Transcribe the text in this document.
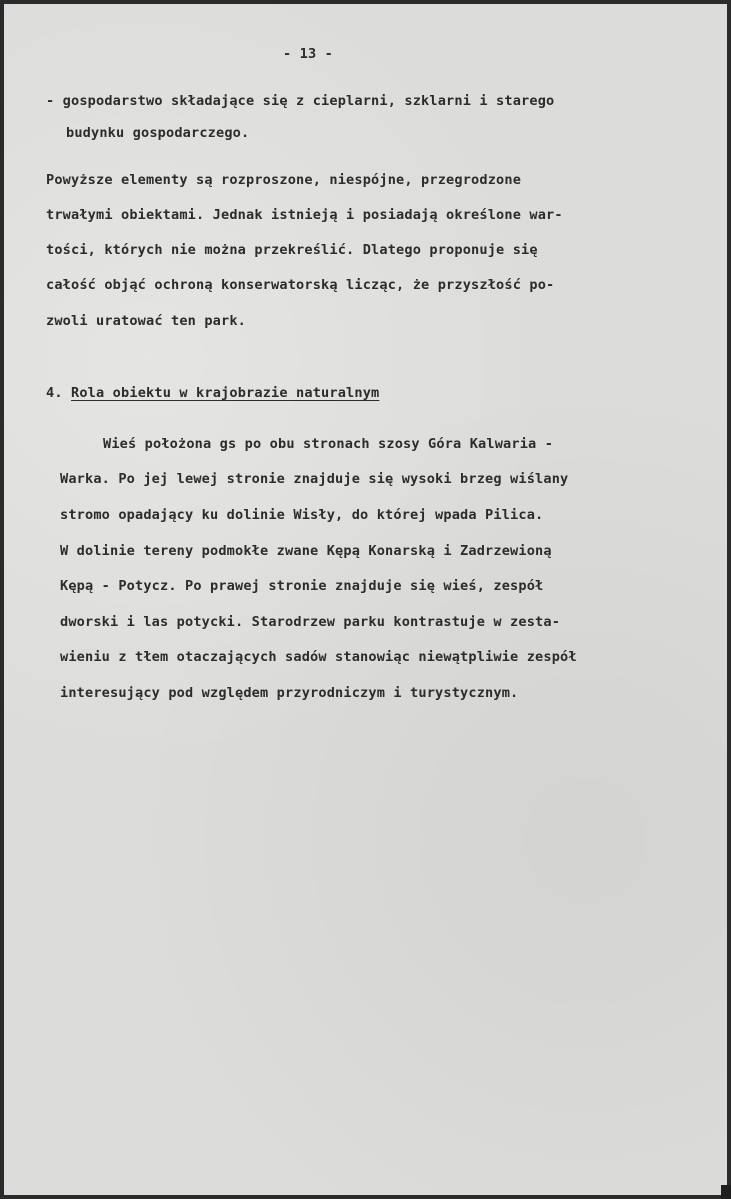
- 13 -
- gospodarstwo składające się z cieplarni, szklarni i starego
budynku gospodarczego.
Powyższe elementy są rozproszone, niespójne, przegrodzone
trwałymi obiektami. Jednak istnieją i posiadają określone war-
tości, których nie można przekreślić. Dlatego proponuje się
całość objąć ochroną konserwatorską licząc, że przyszłość po-
zwoli uratować ten park.
4. Rola obiektu w krajobrazie naturalnym
Wieś położona gs po obu stronach szosy Góra Kalwaria -
Warka. Po jej lewej stronie znajduje się wysoki brzeg wiślany
stromo opadający ku dolinie Wisły, do której wpada Pilica.
W dolinie tereny podmokłe zwane Kępą Konarską i Zadrzewioną
Kępą - Potycz. Po prawej stronie znajduje się wieś, zespół
dworski i las potycki. Starodrzew parku kontrastuje w zesta-
wieniu z tłem otaczających sadów stanowiąc niewątpliwie zespół
interesujący pod względem przyrodniczym i turystycznym.
